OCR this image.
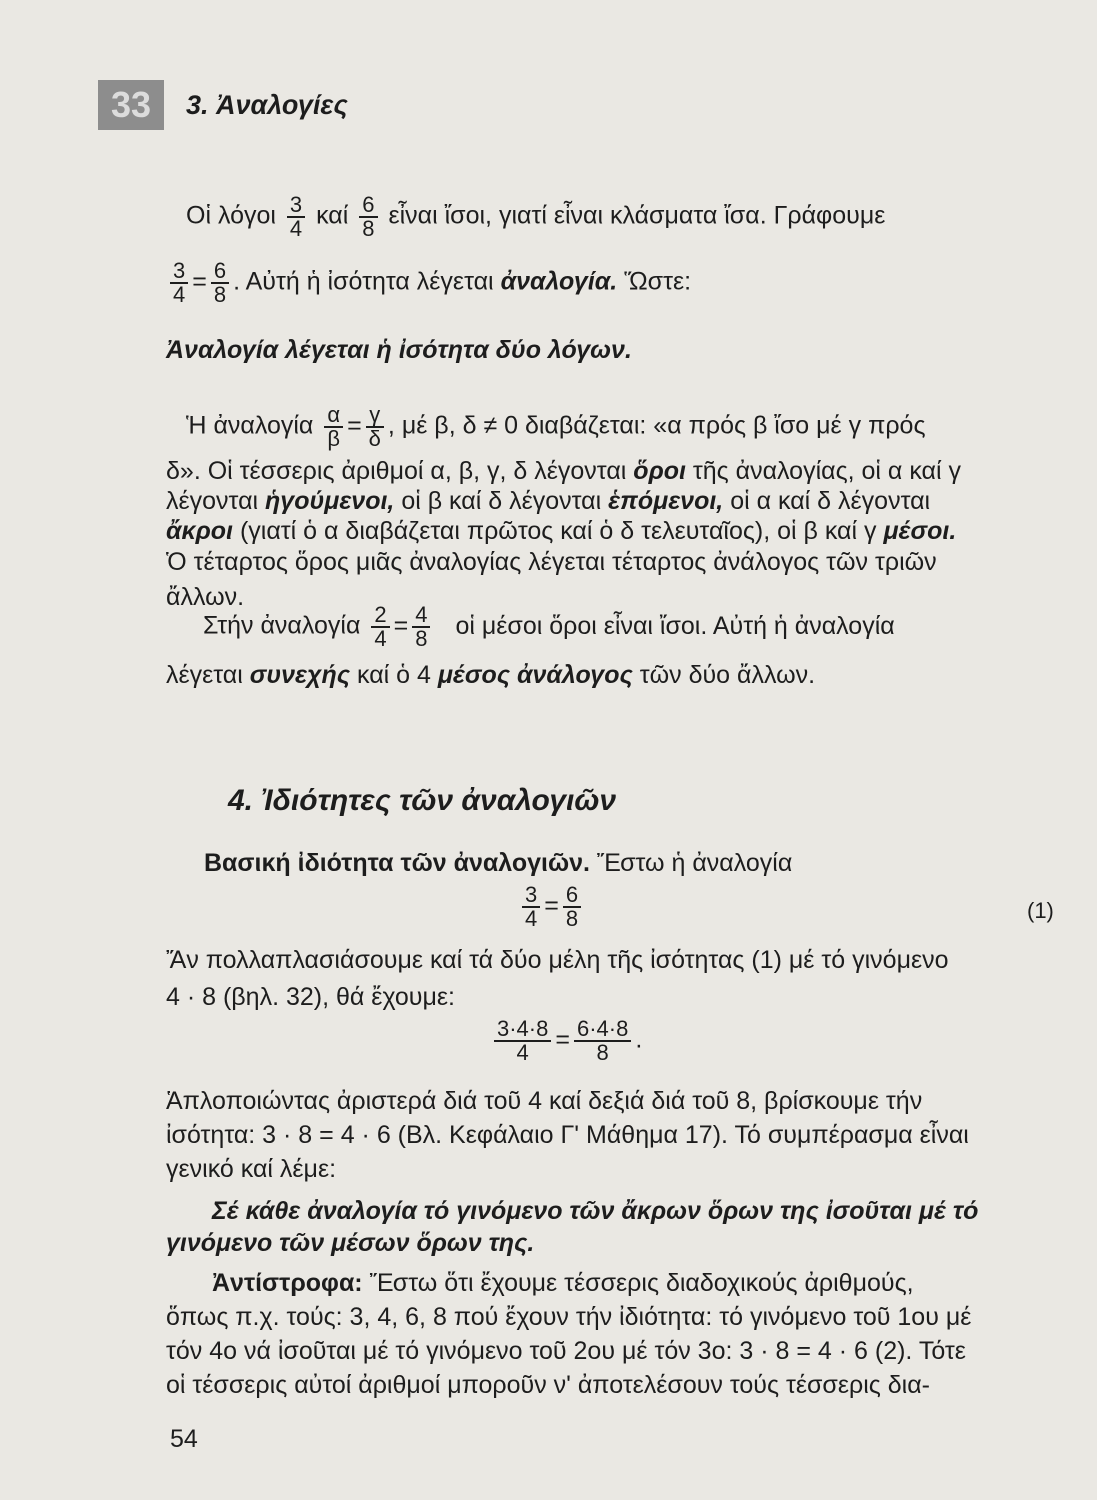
33	3. Ἀναλογίες
Οἱ λόγοι $\frac{3}{4}$ καί $\frac{6}{8}$ εἶναι ἴσοι, γιατί εἶναι κλάσματα ἴσα. Γράφουμε
$\frac{3}{4} = \frac{6}{8}$ . Αὐτή ἡ ἰσότητα λέγεται ἀναλογία. Ὥστε:
Ἀναλογία λέγεται ἡ ἰσότητα δύο λόγων.
Ἡ ἀναλογία $\frac{\alpha}{\beta} = \frac{\gamma}{\delta}$ , μέ β, δ ≠ 0 διαβάζεται: «α πρός β ἴσο μέ γ πρός
δ». Οἱ τέσσερις ἀριθμοί α, β, γ, δ λέγονται ὅροι τῆς ἀναλογίας, οἱ α καί γ
λέγονται ἡγούμενοι, οἱ β καί δ λέγονται ἑπόμενοι, οἱ α καί δ λέγονται
ἄκροι (γιατί ὁ α διαβάζεται πρῶτος καί ὁ δ τελευταῖος), οἱ β καί γ μέσοι.
Ὁ τέταρτος ὅρος μιᾶς ἀναλογίας λέγεται τέταρτος ἀνάλογος τῶν τριῶν
ἄλλων.
Στήν ἀναλογία $\frac{2}{4} = \frac{4}{8}$ οἱ μέσοι ὅροι εἶναι ἴσοι. Αὐτή ἡ ἀναλογία
λέγεται συνεχής καί ὁ 4 μέσος ἀνάλογος τῶν δύο ἄλλων.
4. Ἰδιότητες τῶν ἀναλογιῶν
Βασική ἰδιότητα τῶν ἀναλογιῶν. Ἔστω ἡ ἀναλογία
$\frac{3}{4} = \frac{6}{8}$	(1)
Ἄν πολλαπλασιάσουμε καί τά δύο μέλη τῆς ἰσότητας (1) μέ τό γινόμενο
4 · 8 (βηλ. 32), θά ἔχουμε:
$\frac{3\cdot 4\cdot 8}{4} = \frac{6\cdot 4\cdot 8}{8}$ .
Ἁπλοποιώντας ἀριστερά διά τοῦ 4 καί δεξιά διά τοῦ 8, βρίσκουμε τήν
ἰσότητα: 3 · 8 = 4 · 6 (Βλ. Κεφάλαιο Γ' Μάθημα 17). Τό συμπέρασμα εἶναι
γενικό καί λέμε:
Σέ κάθε ἀναλογία τό γινόμενο τῶν ἄκρων ὅρων της ἰσοῦται μέ τό
γινόμενο τῶν μέσων ὅρων της.
Ἀντίστροφα: Ἔστω ὅτι ἔχουμε τέσσερις διαδοχικούς ἀριθμούς,
ὅπως π.χ. τούς: 3, 4, 6, 8 πού ἔχουν τήν ἰδιότητα: τό γινόμενο τοῦ 1ου μέ
τόν 4ο νά ἰσοῦται μέ τό γινόμενο τοῦ 2ου μέ τόν 3ο: 3 · 8 = 4 · 6 (2). Τότε
οἱ τέσσερις αὐτοί ἀριθμοί μποροῦν ν' ἀποτελέσουν τούς τέσσερις δια-
54
